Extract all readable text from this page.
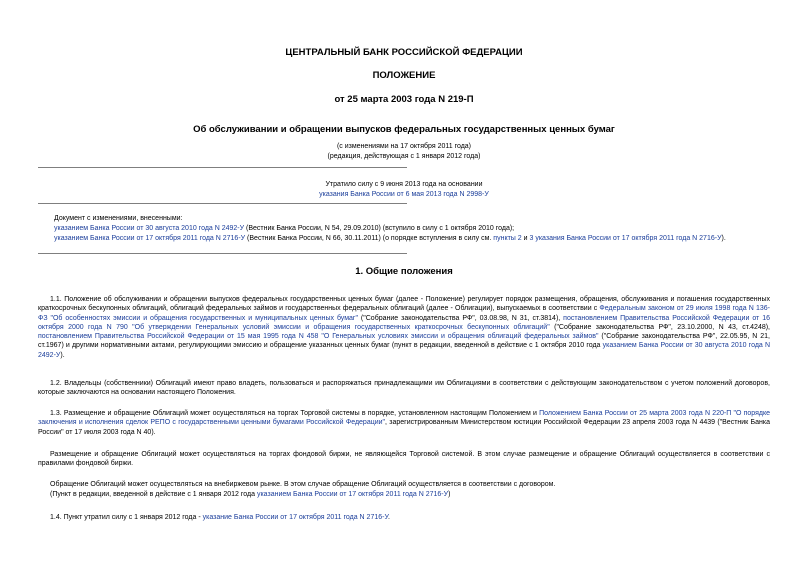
ЦЕНТРАЛЬНЫЙ БАНК РОССИЙСКОЙ ФЕДЕРАЦИИ
ПОЛОЖЕНИЕ
от 25 марта 2003 года N 219-П
Об обслуживании и обращении выпусков федеральных государственных ценных бумаг
(с изменениями на 17 октября 2011 года)
(редакция, действующая с 1 января 2012 года)
Утратило силу с 9 июня 2013 года на основании
указания Банка России от 6 мая 2013 года N 2998-У
Документ с изменениями, внесенными:
указанием Банка России от 30 августа 2010 года N 2492-У (Вестник Банка России, N 54, 29.09.2010) (вступило в силу с 1 октября 2010 года);
указанием Банка России от 17 октября 2011 года N 2716-У (Вестник Банка России, N 66, 30.11.2011) (о порядке вступления в силу см. пункты 2 и 3 указания Банка России от 17 октября 2011 года N 2716-У).
1. Общие положения
1.1. Положение об обслуживании и обращении выпусков федеральных государственных ценных бумаг (далее - Положение) регулирует порядок размещения, обращения, обслуживания и погашения государственных краткосрочных бескупонных облигаций, облигаций федеральных займов и государственных федеральных облигаций (далее - Облигации), выпускаемых в соответствии с Федеральным законом от 29 июля 1998 года N 136-ФЗ "Об особенностях эмиссии и обращения государственных и муниципальных ценных бумаг" ("Собрание законодательства РФ", 03.08.98, N 31, ст.3814), постановлением Правительства Российской Федерации от 16 октября 2000 года N 790 "Об утверждении Генеральных условий эмиссии и обращения государственных краткосрочных бескупонных облигаций" ("Собрание законодательства РФ", 23.10.2000, N 43, ст.4248), постановлением Правительства Российской Федерации от 15 мая 1995 года N 458 "О Генеральных условиях эмиссии и обращения облигаций федеральных займов" ("Собрание законодательства РФ", 22.05.95, N 21, ст.1967) и другими нормативными актами, регулирующими эмиссию и обращение указанных ценных бумаг (пункт в редакции, введенной в действие с 1 октября 2010 года указанием Банка России от 30 августа 2010 года N 2492-У).
1.2. Владельцы (собственники) Облигаций имеют право владеть, пользоваться и распоряжаться принадлежащими им Облигациями в соответствии с действующим законодательством с учетом положений договоров, которые заключаются на основании настоящего Положения.
1.3. Размещение и обращение Облигаций может осуществляться на торгах Торговой системы в порядке, установленном настоящим Положением и Положением Банка России от 25 марта 2003 года N 220-П "О порядке заключения и исполнения сделок РЕПО с государственными ценными бумагами Российской Федерации", зарегистрированным Министерством юстиции Российской Федерации 23 апреля 2003 года N 4439 ("Вестник Банка России" от 17 июля 2003 года N 40).
Размещение и обращение Облигаций может осуществляться на торгах фондовой биржи, не являющейся Торговой системой. В этом случае размещение и обращение Облигаций осуществляется в соответствии с правилами фондовой биржи.
Обращение Облигаций может осуществляться на внебиржевом рынке. В этом случае обращение Облигаций осуществляется в соответствии с договором.
(Пункт в редакции, введенной в действие с 1 января 2012 года указанием Банка России от 17 октября 2011 года N 2716-У)
1.4. Пункт утратил силу с 1 января 2012 года - указание Банка России от 17 октября 2011 года N 2716-У.
